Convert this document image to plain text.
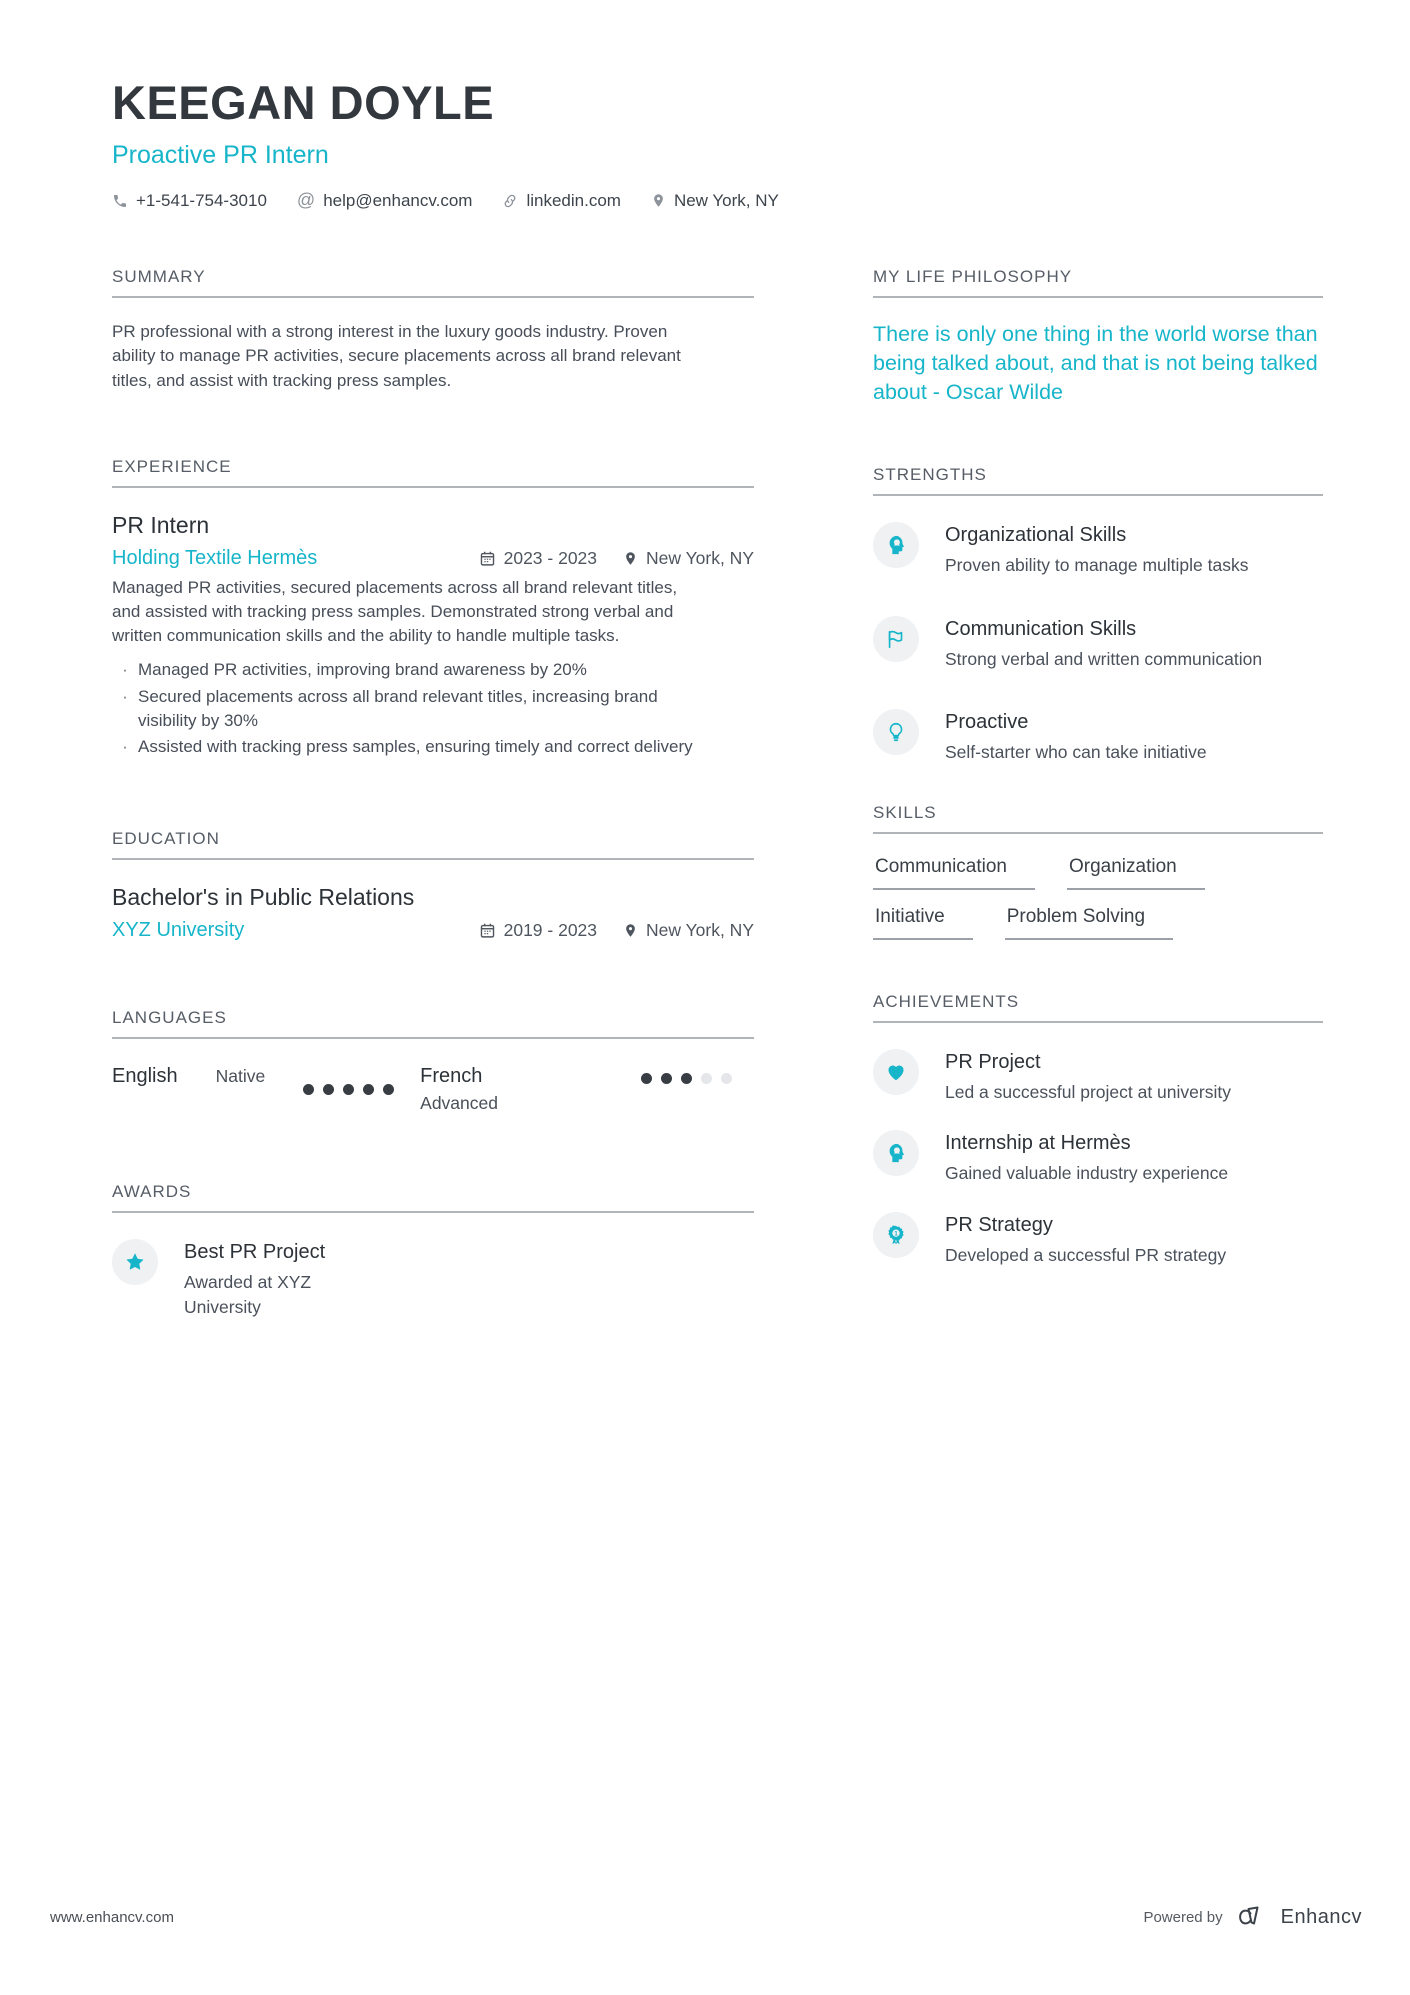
KEEGAN DOYLE
Proactive PR Intern
+1-541-754-3010 @ help@enhancv.com	linkedin.com	New York, NY
SUMMARY
PR professional with a strong interest in the luxury goods industry. Proven ability to manage PR activities, secure placements across all brand relevant titles, and assist with tracking press samples.
EXPERIENCE
PR Intern
Holding Textile Hermès	2023 - 2023	New York, NY
Managed PR activities, secured placements across all brand relevant titles, and assisted with tracking press samples. Demonstrated strong verbal and written communication skills and the ability to handle multiple tasks.
· Managed PR activities, improving brand awareness by 20%
· Secured placements across all brand relevant titles, increasing brand visibility by 30%
· Assisted with tracking press samples, ensuring timely and correct delivery
EDUCATION
Bachelor's in Public Relations
XYZ University	2019 - 2023	New York, NY
LANGUAGES
English Native	French
Advanced
AWARDS
Best PR Project
Awarded at XYZ University
MY LIFE PHILOSOPHY
There is only one thing in the world worse than being talked about, and that is not being talked about - Oscar Wilde
STRENGTHS
Organizational Skills
Proven ability to manage multiple tasks
Communication Skills
Strong verbal and written communication
Proactive
Self-starter who can take initiative
SKILLS
Communication	Organization
Initiative	Problem Solving
ACHIEVEMENTS
PR Project
Led a successful project at university
Internship at Hermès
Gained valuable industry experience
1 PR Strategy
Developed a successful PR strategy
www.enhancv.com	Powered by	Enhancv
